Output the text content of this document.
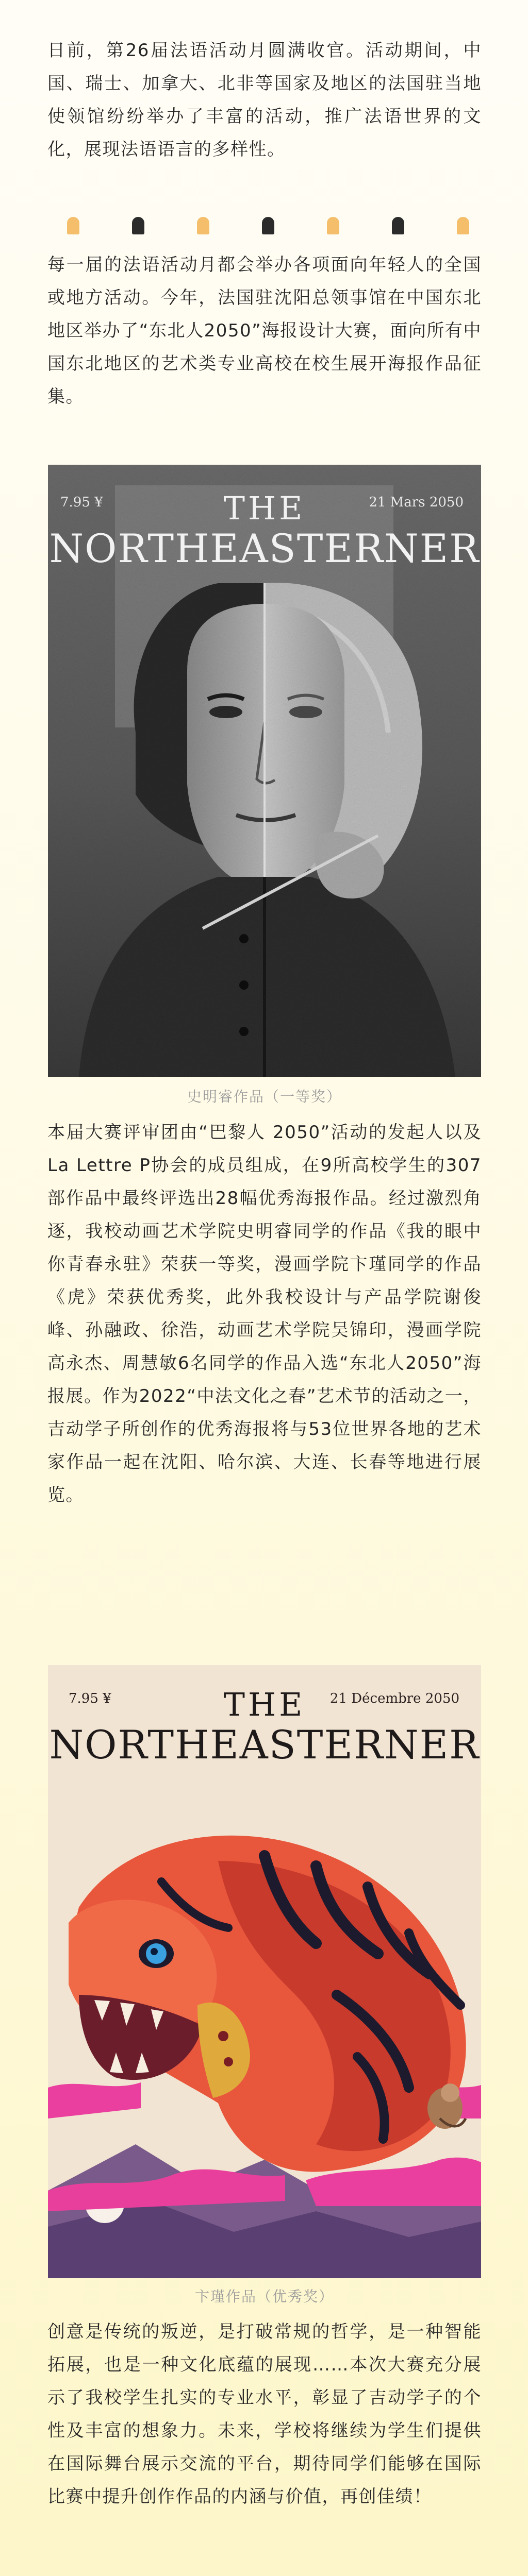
日前，第26届法语活动月圆满收官。活动期间，中国、瑞士、加拿大、北非等国家及地区的法国驻当地使领馆纷纷举办了丰富的活动，推广法语世界的文化，展现法语语言的多样性。

每一届的法语活动月都会举办各项面向年轻人的全国或地方活动。今年，法国驻沈阳总领事馆在中国东北地区举办了“东北人2050”海报设计大赛，面向所有中国东北地区的艺术类专业高校在校生展开海报作品征集。

7.95 ¥	21 Mars 2050
THE
NORTHEASTERNER
史明睿作品（一等奖）

本届大赛评审团由“巴黎人 2050”活动的发起人以及La Lettre P协会的成员组成，在9所高校学生的307部作品中最终评选出28幅优秀海报作品。经过激烈角逐，我校动画艺术学院史明睿同学的作品《我的眼中你青春永驻》荣获一等奖，漫画学院卞瑾同学的作品《虎》荣获优秀奖，此外我校设计与产品学院谢俊峰、孙融政、徐浩，动画艺术学院吴锦印，漫画学院高永杰、周慧敏6名同学的作品入选“东北人2050”海报展。作为2022“中法文化之春”艺术节的活动之一，吉动学子所创作的优秀海报将与53位世界各地的艺术家作品一起在沈阳、哈尔滨、大连、长春等地进行展览。

7.95 ¥	21 Décembre 2050
THE
NORTHEASTERNER
卞瑾作品（优秀奖）

创意是传统的叛逆，是打破常规的哲学，是一种智能拓展，也是一种文化底蕴的展现……本次大赛充分展示了我校学生扎实的专业水平，彰显了吉动学子的个性及丰富的想象力。未来，学校将继续为学生们提供在国际舞台展示交流的平台，期待同学们能够在国际比赛中提升创作作品的内涵与价值，再创佳绩！
